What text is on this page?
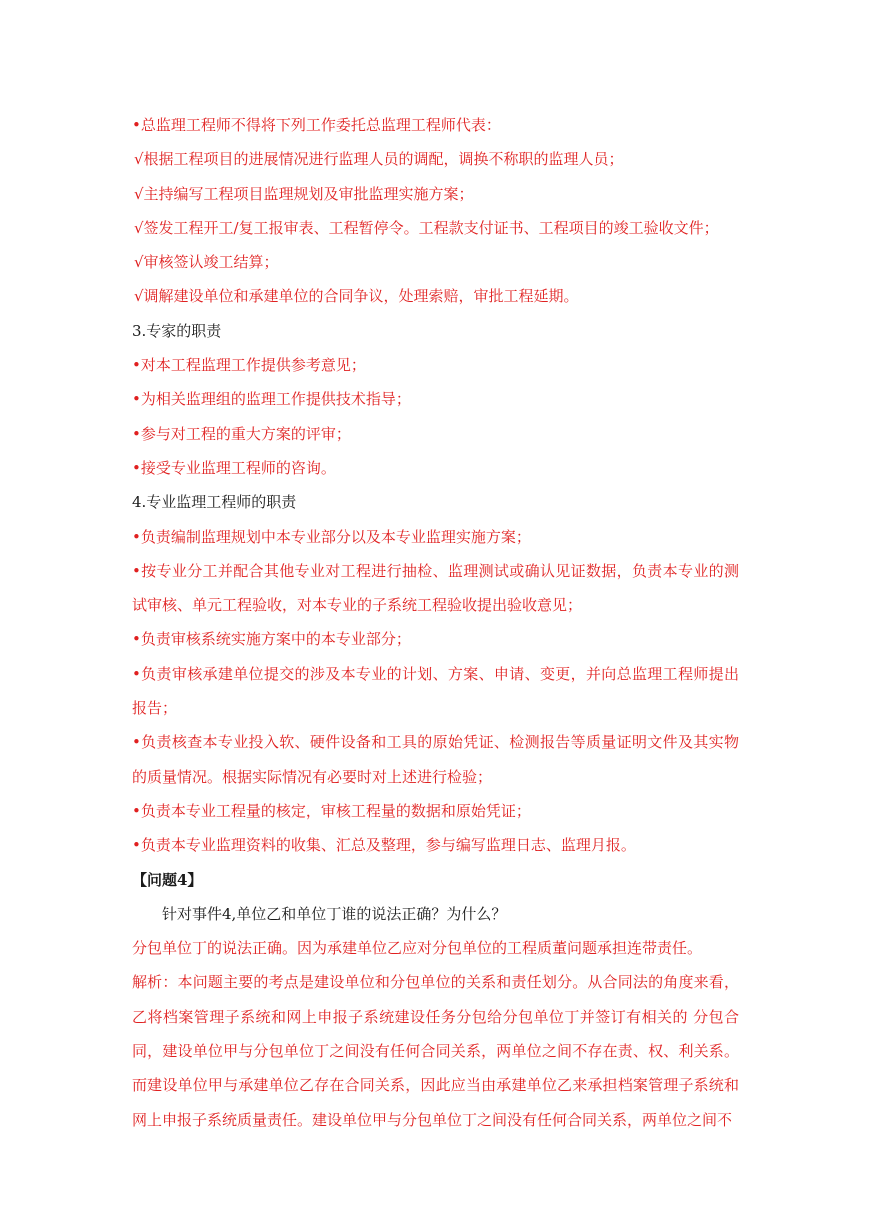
•总监理工程师不得将下列工作委托总监理工程师代表：
√根据工程项目的进展情况进行监理人员的调配，调换不称职的监理人员；
√主持编写工程项目监理规划及审批监理实施方案；
√签发工程开工/复工报审表、工程暂停令。工程款支付证书、工程项目的竣工验收文件；
√审核签认竣工结算；
√调解建设单位和承建单位的合同争议，处理索赔，审批工程延期。
3.专家的职责
•对本工程监理工作提供参考意见；
•为相关监理组的监理工作提供技术指导；
•参与对工程的重大方案的评审；
•接受专业监理工程师的咨询。
4.专业监理工程师的职责
•负责编制监理规划中本专业部分以及本专业监理实施方案；
•按专业分工并配合其他专业对工程进行抽检、监理测试或确认见证数据，负责本专业的测试审核、单元工程验收，对本专业的子系统工程验收提出验收意见；
•负责审核系统实施方案中的本专业部分；
•负责审核承建单位提交的涉及本专业的计划、方案、申请、变更，并向总监理工程师提出报告；
•负责核查本专业投入软、硬件设备和工具的原始凭证、检测报告等质量证明文件及其实物的质量情况。根据实际情况有必要时对上述进行检验；
•负责本专业工程量的核定，审核工程量的数据和原始凭证；
•负责本专业监理资料的收集、汇总及整理，参与编写监理日志、监理月报。
【问题4】
针对事件4,单位乙和单位丁谁的说法正确？为什么？
分包单位丁的说法正确。因为承建单位乙应对分包单位的工程质董问题承担连带责任。
解析：本问题主要的考点是建设单位和分包单位的关系和责任划分。从合同法的角度来看，乙将档案管理子系统和网上申报子系统建设任务分包给分包单位丁并签订有相关的 分包合同，建设单位甲与分包单位丁之间没有任何合同关系，两单位之间不存在责、权、利关系。而建设单位甲与承建单位乙存在合同关系，因此应当由承建单位乙来承担档案管理子系统和网上申报子系统质量责任。建设单位甲与分包单位丁之间没有任何合同关系，两单位之间不
